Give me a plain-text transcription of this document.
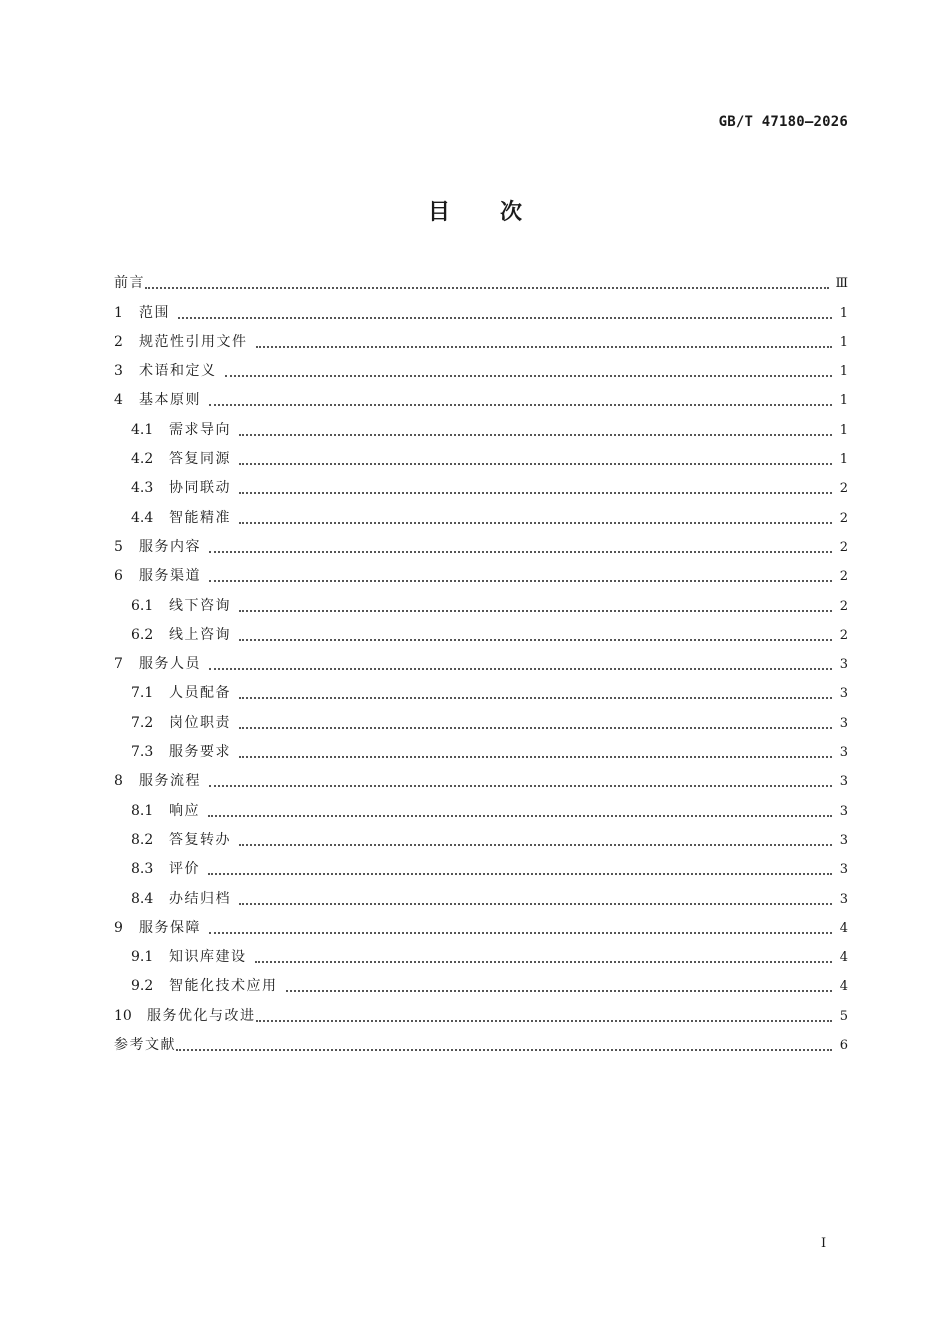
GB/T 47180—2026
目次
前言	Ⅲ
1	范围	1
2	规范性引用文件	1
3	术语和定义	1
4	基本原则	1
4.1	需求导向	1
4.2	答复同源	1
4.3	协同联动	2
4.4	智能精准	2
5	服务内容	2
6	服务渠道	2
6.1	线下咨询	2
6.2	线上咨询	2
7	服务人员	3
7.1	人员配备	3
7.2	岗位职责	3
7.3	服务要求	3
8	服务流程	3
8.1	响应	3
8.2	答复转办	3
8.3	评价	3
8.4	办结归档	3
9	服务保障	4
9.1	知识库建设	4
9.2	智能化技术应用	4
10	服务优化与改进	5
参考文献	6
Ⅰ
